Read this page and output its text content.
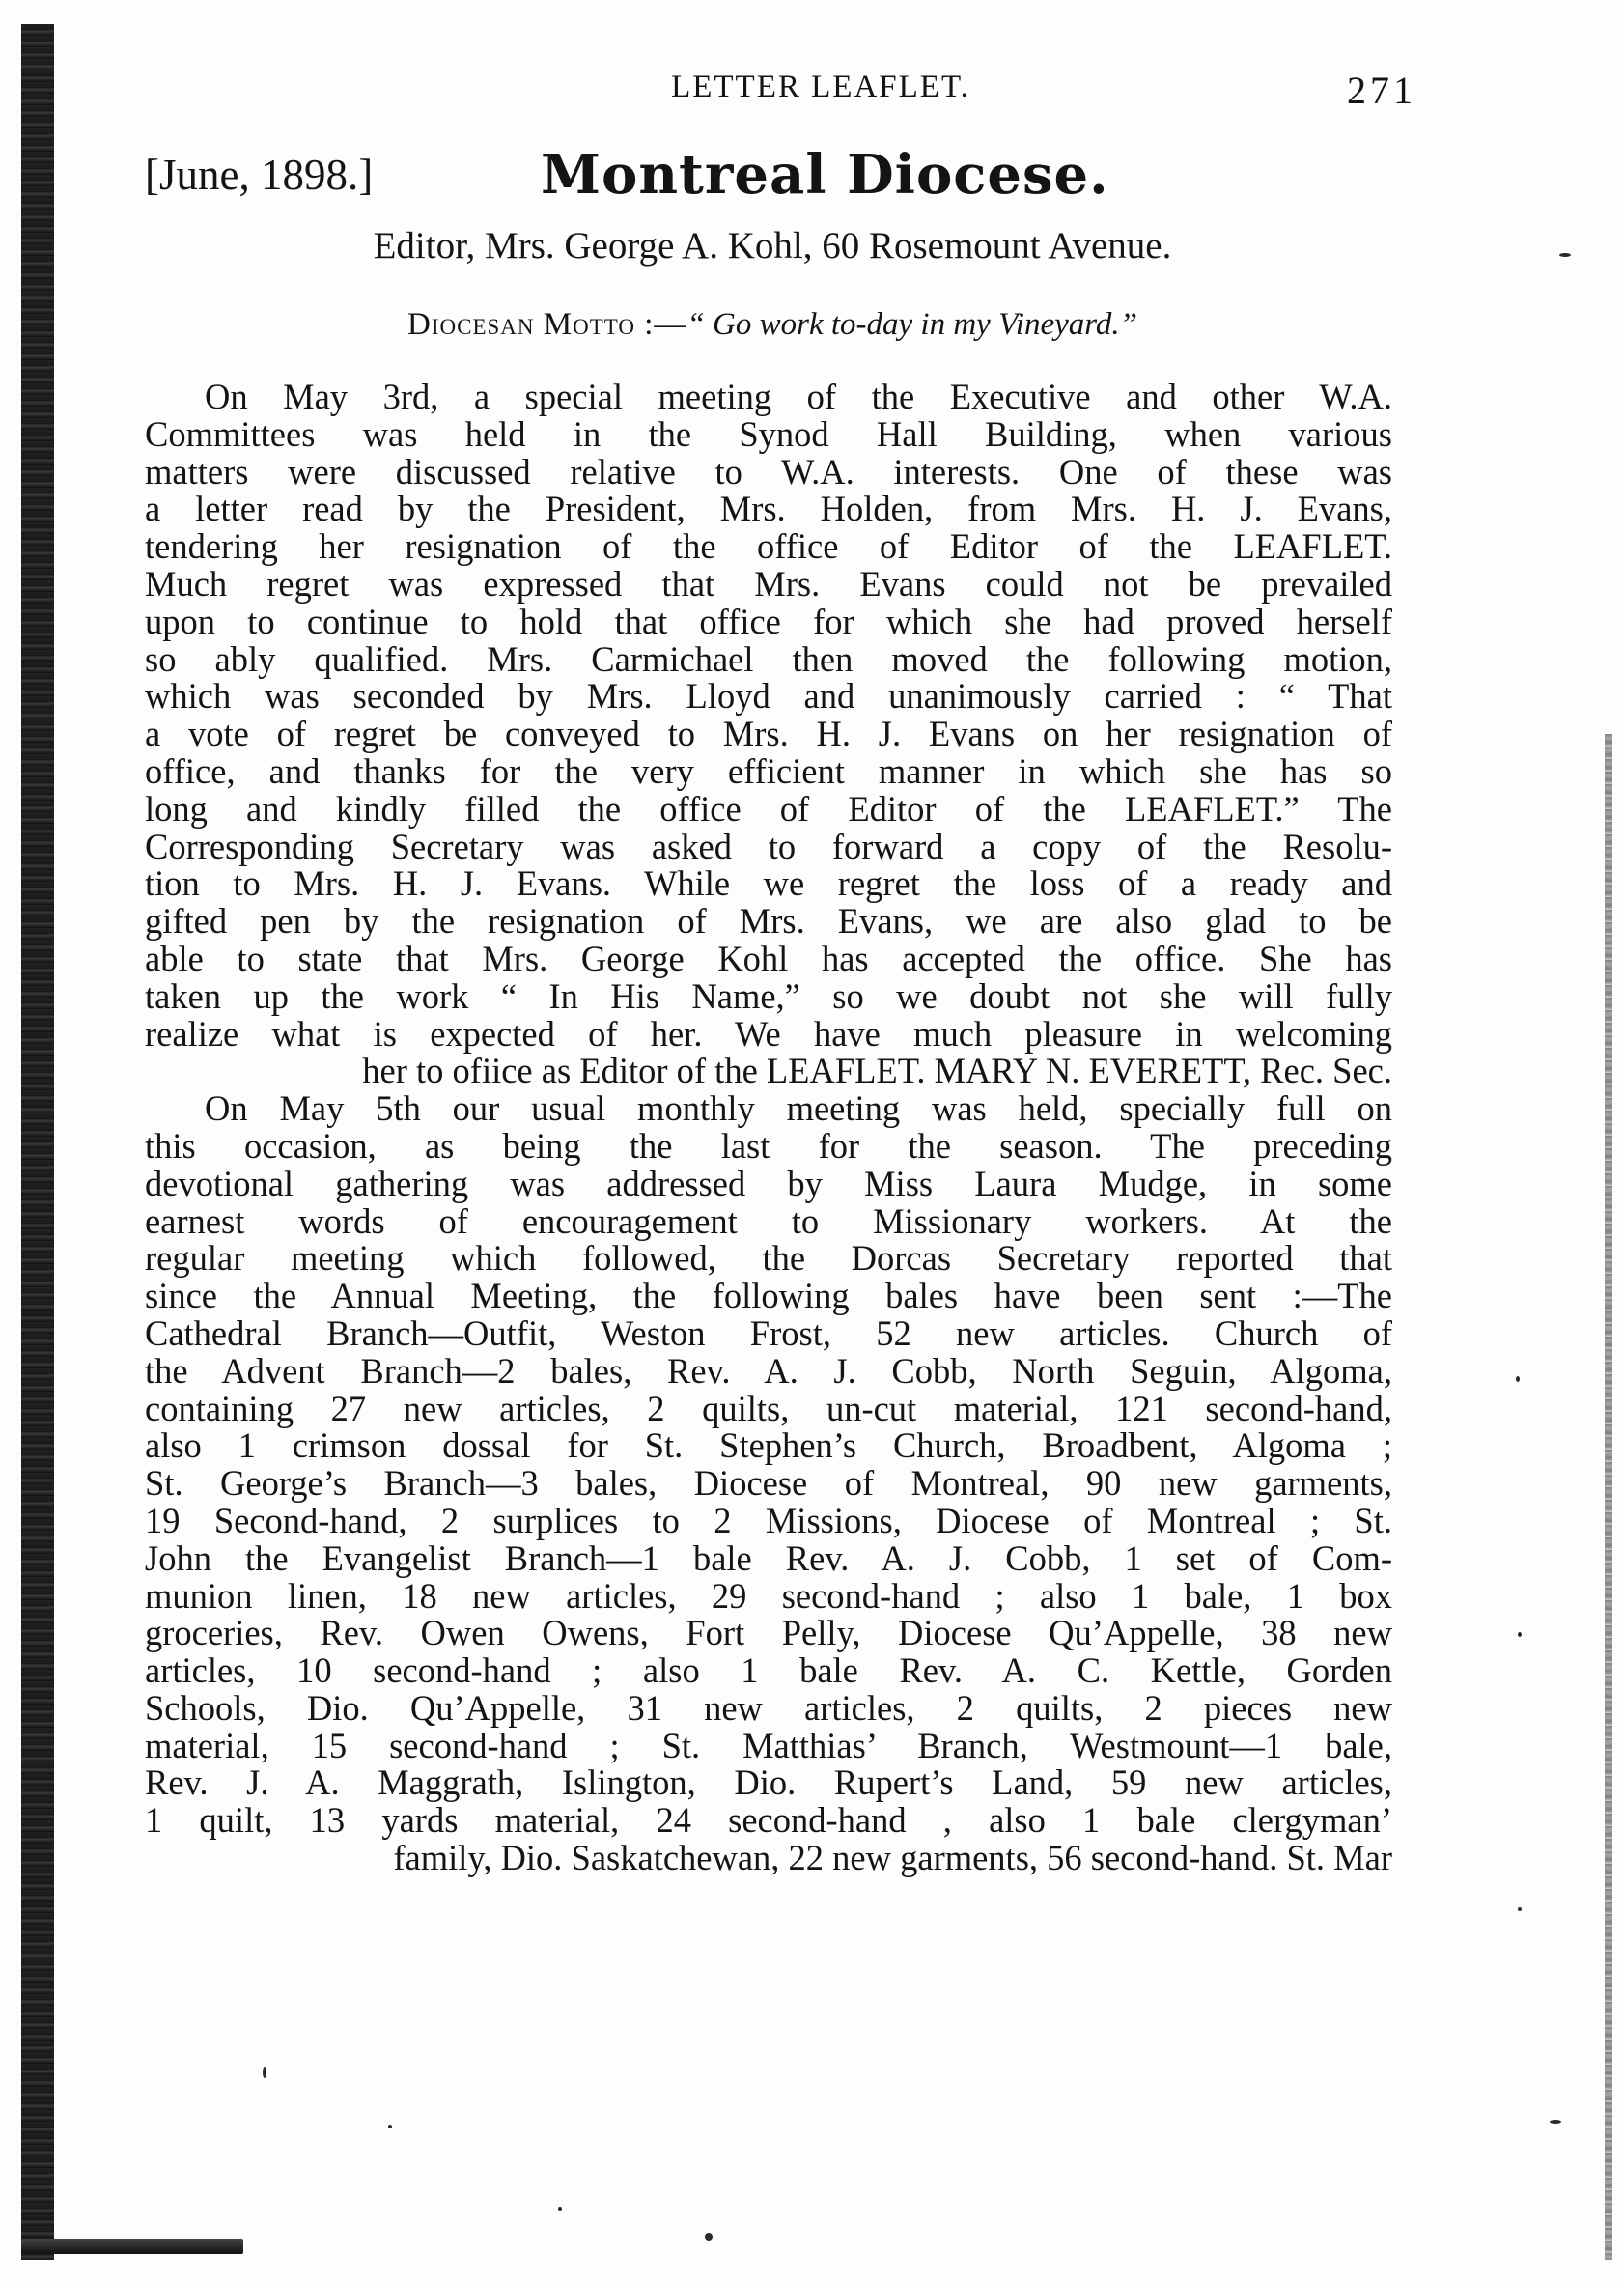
LETTER LEAFLET.	271
[June, 1898.]	Montreal Diocese.
Editor, Mrs. George A. Kohl, 60 Rosemount Avenue.
Diocesan Motto :—“ Go work to-day in my Vineyard.”
On May 3rd, a special meeting of the Executive and other W.A.
Committees was held in the Synod Hall Building, when various
matters were discussed relative to W.A. interests. One of these was
a letter read by the President, Mrs. Holden, from Mrs. H. J. Evans,
tendering her resignation of the office of Editor of the LEAFLET.
Much regret was expressed that Mrs. Evans could not be prevailed
upon to continue to hold that office for which she had proved herself
so ably qualified. Mrs. Carmichael then moved the following motion,
which was seconded by Mrs. Lloyd and unanimously carried : “ That
a vote of regret be conveyed to Mrs. H. J. Evans on her resignation of
office, and thanks for the very efficient manner in which she has so
long and kindly filled the office of Editor of the LEAFLET.” The
Corresponding Secretary was asked to forward a copy of the Resolu-
tion to Mrs. H. J. Evans. While we regret the loss of a ready and
gifted pen by the resignation of Mrs. Evans, we are also glad to be
able to state that Mrs. George Kohl has accepted the office. She has
taken up the work “ In His Name,” so we doubt not she will fully
realize what is expected of her. We have much pleasure in welcoming
her to ofiice as Editor of the LEAFLET. MARY N. EVERETT, Rec. Sec.
On May 5th our usual monthly meeting was held, specially full on
this occasion, as being the last for the season. The preceding
devotional gathering was addressed by Miss Laura Mudge, in some
earnest words of encouragement to Missionary workers. At the
regular meeting which followed, the Dorcas Secretary reported that
since the Annual Meeting, the following bales have been sent :—The
Cathedral Branch—Outfit, Weston Frost, 52 new articles. Church of
the Advent Branch—2 bales, Rev. A. J. Cobb, North Seguin, Algoma,
containing 27 new articles, 2 quilts, un-cut material, 121 second-hand,
also 1 crimson dossal for St. Stephen’s Church, Broadbent, Algoma ;
St. George’s Branch—3 bales, Diocese of Montreal, 90 new garments,
19 Second-hand, 2 surplices to 2 Missions, Diocese of Montreal ; St.
John the Evangelist Branch—1 bale Rev. A. J. Cobb, 1 set of Com-
munion linen, 18 new articles, 29 second-hand ; also 1 bale, 1 box
groceries, Rev. Owen Owens, Fort Pelly, Diocese Qu’Appelle, 38 new
articles, 10 second-hand ; also 1 bale Rev. A. C. Kettle, Gorden
Schools, Dio. Qu’Appelle, 31 new articles, 2 quilts, 2 pieces new
material, 15 second-hand ; St. Matthias’ Branch, Westmount—1 bale,
Rev. J. A. Maggrath, Islington, Dio. Rupert’s Land, 59 new articles,
1 quilt, 13 yards material, 24 second-hand , also 1 bale clergyman’
family, Dio. Saskatchewan, 22 new garments, 56 second-hand. St. Mar
